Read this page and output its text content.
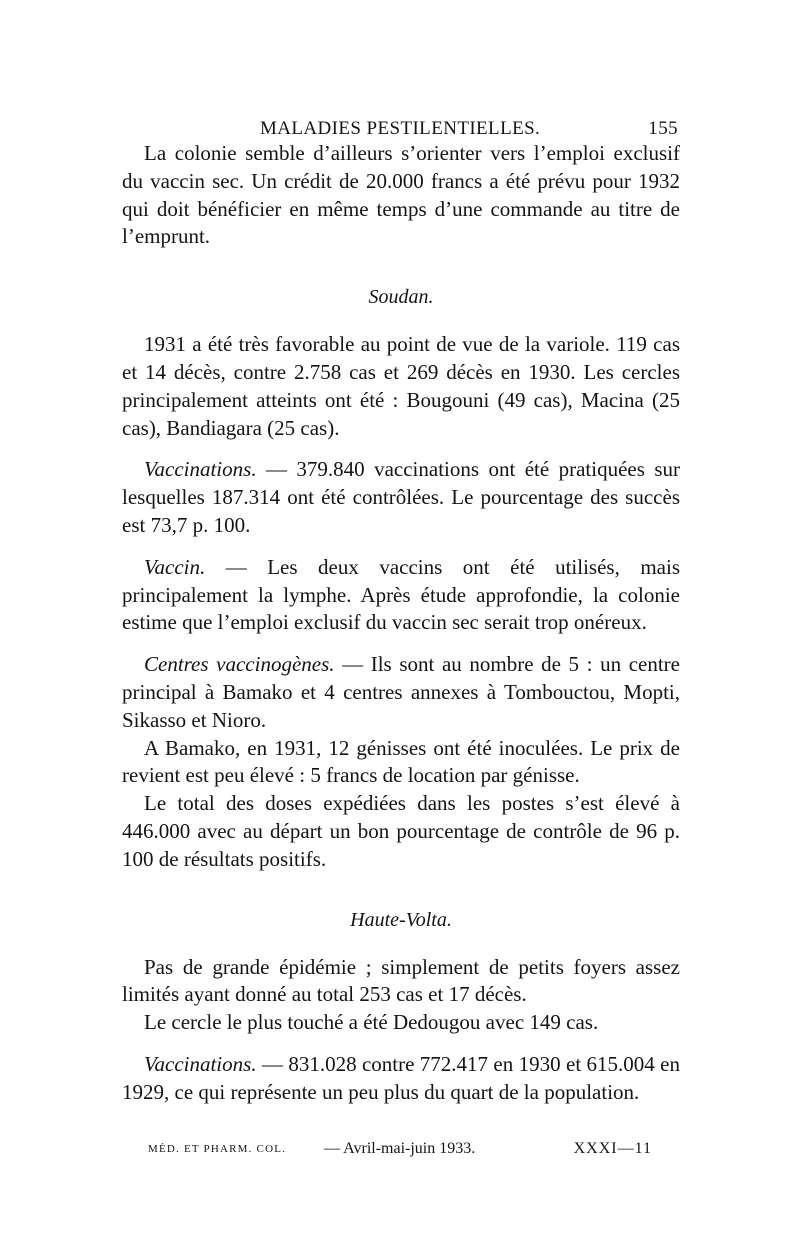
MALADIES PESTILENTIELLES.	155

La colonie semble d’ailleurs s’orienter vers l’emploi exclusif du vaccin sec. Un crédit de 20.000 francs a été prévu pour 1932 qui doit bénéficier en même temps d’une commande au titre de l’emprunt.

Soudan.

1931 a été très favorable au point de vue de la variole. 119 cas et 14 décès, contre 2.758 cas et 269 décès en 1930. Les cercles principalement atteints ont été : Bougouni (49 cas), Macina (25 cas), Bandiagara (25 cas).

Vaccinations. — 379.840 vaccinations ont été pratiquées sur lesquelles 187.314 ont été contrôlées. Le pourcentage des succès est 73,7 p. 100.

Vaccin. — Les deux vaccins ont été utilisés, mais principalement la lymphe. Après étude approfondie, la colonie estime que l’emploi exclusif du vaccin sec serait trop onéreux.

Centres vaccinogènes. — Ils sont au nombre de 5 : un centre principal à Bamako et 4 centres annexes à Tombouctou, Mopti, Sikasso et Nioro.

A Bamako, en 1931, 12 génisses ont été inoculées. Le prix de revient est peu élevé : 5 francs de location par génisse.

Le total des doses expédiées dans les postes s’est élevé à 446.000 avec au départ un bon pourcentage de contrôle de 96 p. 100 de résultats positifs.

Haute-Volta.

Pas de grande épidémie ; simplement de petits foyers assez limités ayant donné au total 253 cas et 17 décès.

Le cercle le plus touché a été Dedougou avec 149 cas.

Vaccinations. — 831.028 contre 772.417 en 1930 et 615.004 en 1929, ce qui représente un peu plus du quart de la population.

MÉD. ET PHARM. COL. — Avril-mai-juin 1933.	XXXI—11
